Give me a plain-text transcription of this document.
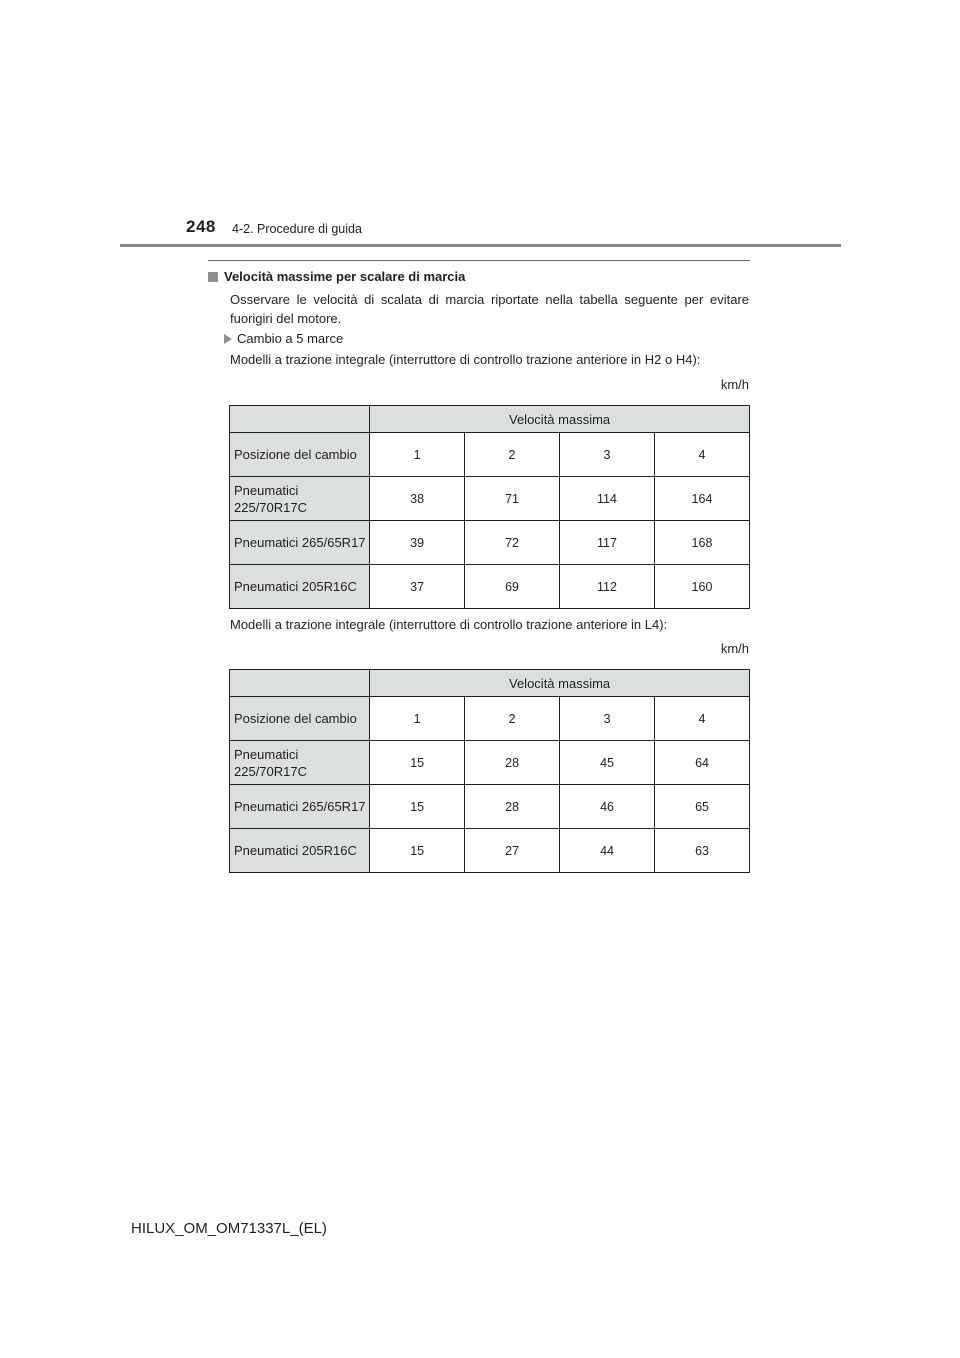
248 4-2. Procedure di guida
Velocità massime per scalare di marcia
Osservare le velocità di scalata di marcia riportate nella tabella seguente per evitare fuorigiri del motore.
Cambio a 5 marce
Modelli a trazione integrale (interruttore di controllo trazione anteriore in H2 o H4):
km/h
	Velocità massima			
Posizione del cambio	1	2	3	4
Pneumatici 225/70R17C	38	71	114	164
Pneumatici 265/65R17	39	72	117	168
Pneumatici 205R16C	37	69	112	160
Modelli a trazione integrale (interruttore di controllo trazione anteriore in L4):
km/h
	Velocità massima			
Posizione del cambio	1	2	3	4
Pneumatici 225/70R17C	15	28	45	64
Pneumatici 265/65R17	15	28	46	65
Pneumatici 205R16C	15	27	44	63
HILUX_OM_OM71337L_(EL)
